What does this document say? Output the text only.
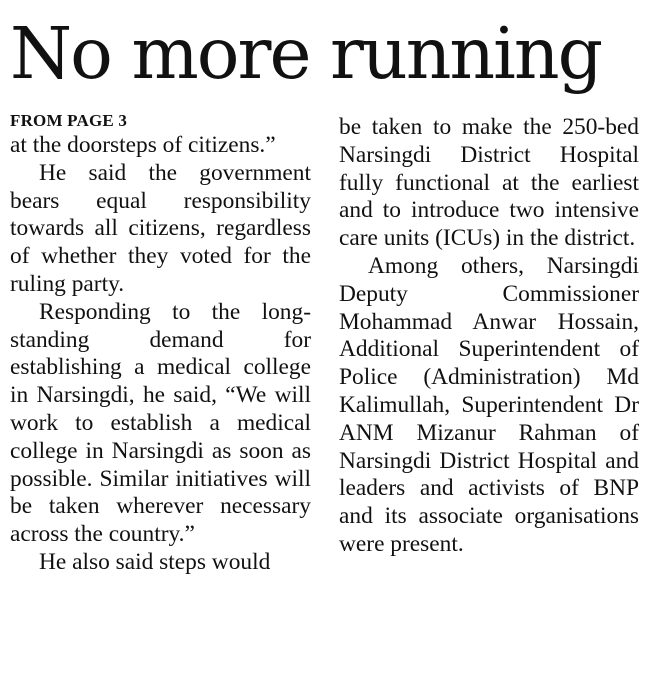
No more running
FROM PAGE 3

at the doorsteps of citizens.”

He said the government bears equal responsibility towards all citizens, regardless of whether they voted for the ruling party.

Responding to the long-standing demand for establishing a medical college in Narsingdi, he said, “We will work to establish a medical college in Narsingdi as soon as possible. Similar initiatives will be taken wherever necessary across the country.”

He also said steps would

be taken to make the 250-bed Narsingdi District Hospital fully functional at the earliest and to introduce two intensive care units (ICUs) in the district.

Among others, Narsingdi Deputy Commissioner Mohammad Anwar Hossain, Additional Superintendent of Police (Administration) Md Kalimullah, Superintendent Dr ANM Mizanur Rahman of Narsingdi District Hospital and leaders and activists of BNP and its associate organisations were present.
